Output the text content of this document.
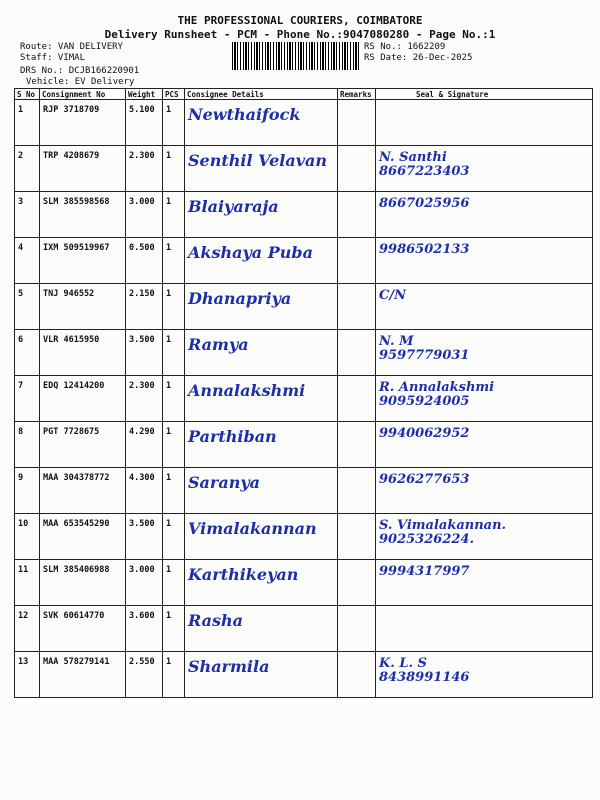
THE PROFESSIONAL COURIERS, COIMBATORE
Delivery Runsheet - PCM - Phone No.:9047080280 - Page No.:1
Route: VAN DELIVERY
Staff: VIMAL
DRS No.: DCJB166220901
Vehicle: EV Delivery
RS No.: 1662209
RS Date: 26-Dec-2025
S No	Consignment No	Weight	PCS	Consignee Details	Remarks	Seal & Signature
1	RJP 3718709	5.100	1	Newthaifock		
2	TRP 4208679	2.300	1	Senthil Velavan		N. Santhi
8667223403
3	SLM 385598568	3.000	1	Blaiyaraja		8667025956
4	IXM 509519967	0.500	1	Akshaya Puba		9986502133
5	TNJ 946552	2.150	1	Dhanapriya		C/N
6	VLR 4615950	3.500	1	Ramya		N. M
9597779031
7	EDQ 12414200	2.300	1	Annalakshmi		R. Annalakshmi
9095924005
8	PGT 7728675	4.290	1	Parthiban		9940062952
9	MAA 304378772	4.300	1	Saranya		9626277653
10	MAA 653545290	3.500	1	Vimalakannan		S. Vimalakannan.
9025326224.
11	SLM 385406988	3.000	1	Karthikeyan		9994317997
12	SVK 60614770	3.600	1	Rasha		
13	MAA 578279141	2.550	1	Sharmila		K. L. S
8438991146
